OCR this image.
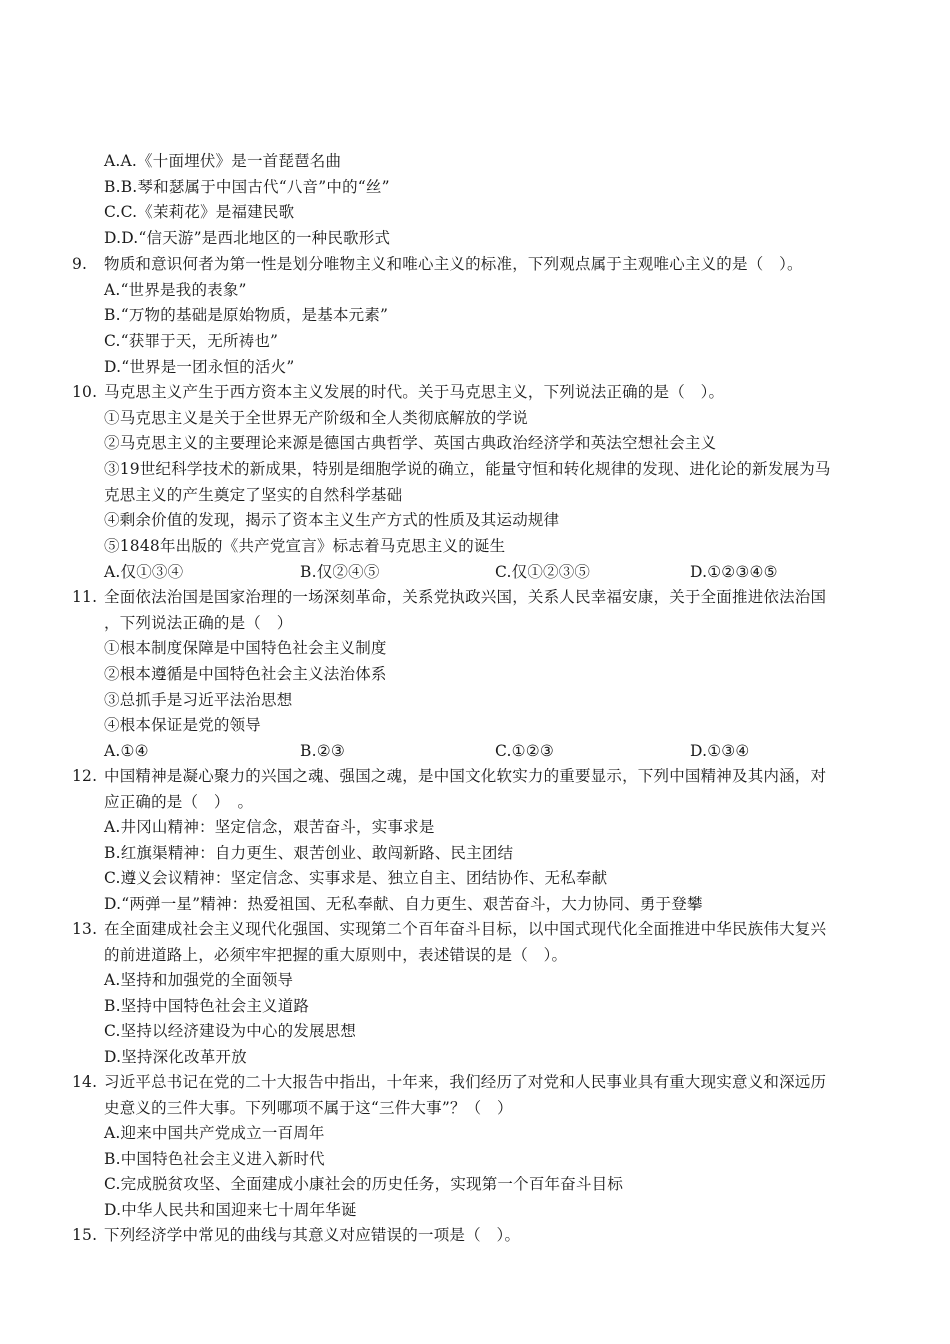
A.A.《十面埋伏》是一首琵琶名曲
B.B.琴和瑟属于中国古代“八音”中的“丝”
C.C.《茉莉花》是福建民歌
D.D.“信天游”是西北地区的一种民歌形式
9. 物质和意识何者为第一性是划分唯物主义和唯心主义的标准，下列观点属于主观唯心主义的是（　）。
A.“世界是我的表象”
B.“万物的基础是原始物质，是基本元素”
C.“获罪于天，无所祷也”
D.“世界是一团永恒的活火”
10. 马克思主义产生于西方资本主义发展的时代。关于马克思主义，下列说法正确的是（　）。
①马克思主义是关于全世界无产阶级和全人类彻底解放的学说
②马克思主义的主要理论来源是德国古典哲学、英国古典政治经济学和英法空想社会主义
③19世纪科学技术的新成果，特别是细胞学说的确立，能量守恒和转化规律的发现、进化论的新发展为马
克思主义的产生奠定了坚实的自然科学基础
④剩余价值的发现，揭示了资本主义生产方式的性质及其运动规律
⑤1848年出版的《共产党宣言》标志着马克思主义的诞生
A.仅①③④	B.仅②④⑤	C.仅①②③⑤	D.①②③④⑤
11. 全面依法治国是国家治理的一场深刻革命，关系党执政兴国，关系人民幸福安康，关于全面推进依法治国
，下列说法正确的是（　）
①根本制度保障是中国特色社会主义制度
②根本遵循是中国特色社会主义法治体系
③总抓手是习近平法治思想
④根本保证是党的领导
A.①④	B.②③	C.①②③	D.①③④
12. 中国精神是凝心聚力的兴国之魂、强国之魂，是中国文化软实力的重要显示，下列中国精神及其内涵，对
应正确的是（　）　。
A.井冈山精神：坚定信念，艰苦奋斗，实事求是
B.红旗渠精神：自力更生、艰苦创业、敢闯新路、民主团结
C.遵义会议精神：坚定信念、实事求是、独立自主、团结协作、无私奉献
D.“两弹一星”精神：热爱祖国、无私奉献、自力更生、艰苦奋斗，大力协同、勇于登攀
13. 在全面建成社会主义现代化强国、实现第二个百年奋斗目标，以中国式现代化全面推进中华民族伟大复兴
的前进道路上，必须牢牢把握的重大原则中，表述错误的是（　）。
A.坚持和加强党的全面领导
B.坚持中国特色社会主义道路
C.坚持以经济建设为中心的发展思想
D.坚持深化改革开放
14. 习近平总书记在党的二十大报告中指出，十年来，我们经历了对党和人民事业具有重大现实意义和深远历
史意义的三件大事。下列哪项不属于这“三件大事”？（　）
A.迎来中国共产党成立一百周年
B.中国特色社会主义进入新时代
C.完成脱贫攻坚、全面建成小康社会的历史任务，实现第一个百年奋斗目标
D.中华人民共和国迎来七十周年华诞
15. 下列经济学中常见的曲线与其意义对应错误的一项是（　）。
